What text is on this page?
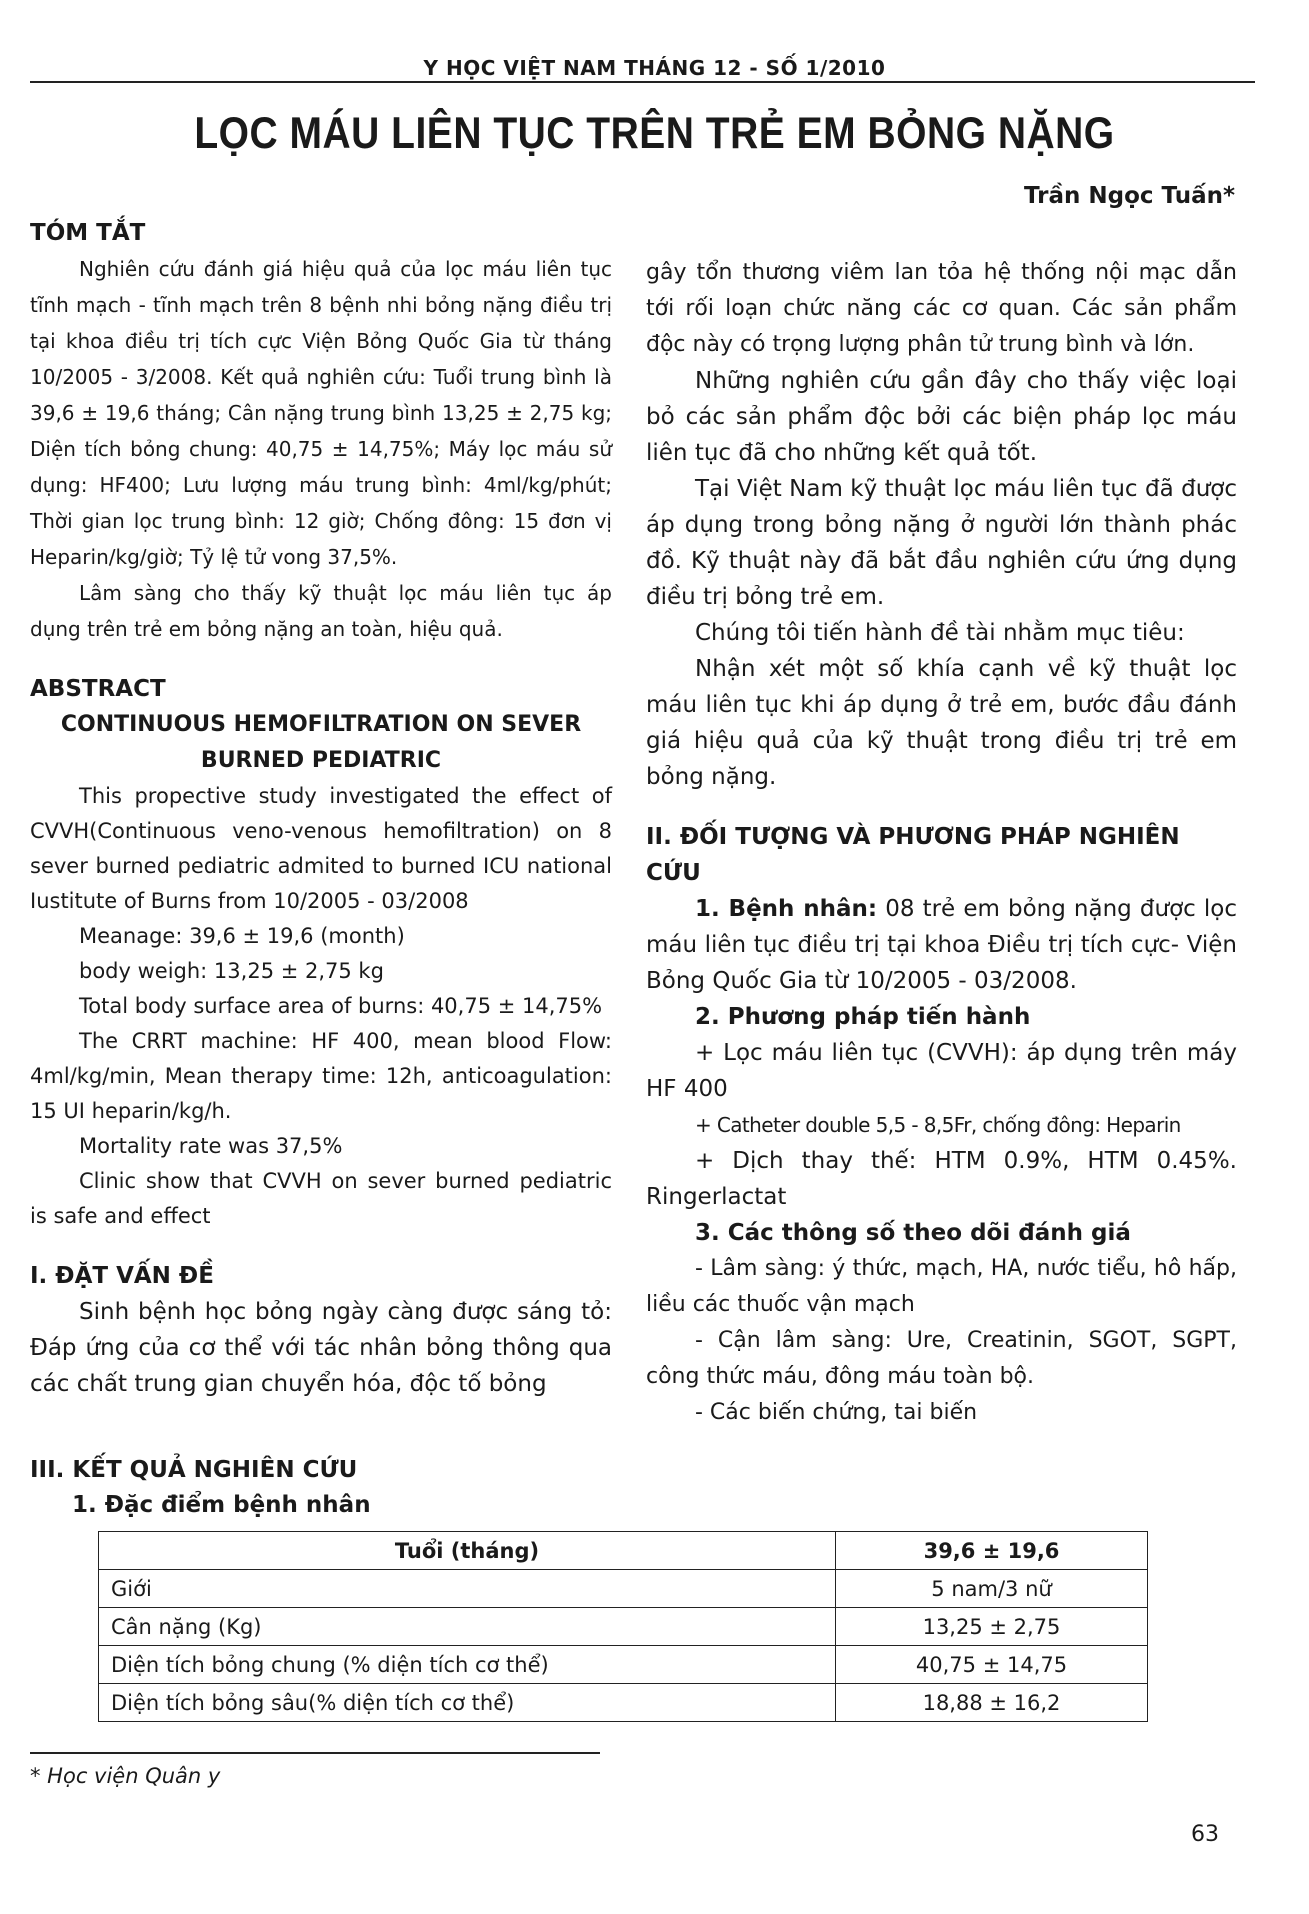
Y HỌC VIỆT NAM THÁNG 12 - SỐ 1/2010
LỌC MÁU LIÊN TỤC TRÊN TRẺ EM BỎNG NẶNG
Trần Ngọc Tuấn*
TÓM TẮT

Nghiên cứu đánh giá hiệu quả của lọc máu liên tục tĩnh mạch - tĩnh mạch trên 8 bệnh nhi bỏng nặng điều trị tại khoa điều trị tích cực Viện Bỏng Quốc Gia từ tháng 10/2005 - 3/2008. Kết quả nghiên cứu: Tuổi trung bình là 39,6 ± 19,6 tháng; Cân nặng trung bình 13,25 ± 2,75 kg; Diện tích bỏng chung: 40,75 ± 14,75%; Máy lọc máu sử dụng: HF400; Lưu lượng máu trung bình: 4ml/kg/phút; Thời gian lọc trung bình: 12 giờ; Chống đông: 15 đơn vị Heparin/kg/giờ; Tỷ lệ tử vong 37,5%.

Lâm sàng cho thấy kỹ thuật lọc máu liên tục áp dụng trên trẻ em bỏng nặng an toàn, hiệu quả.

ABSTRACT
CONTINUOUS HEMOFILTRATION ON SEVER
BURNED PEDIATRIC

This propective study investigated the effect of CVVH(Continuous veno-venous hemofiltration) on 8 sever burned pediatric admited to burned ICU national Iustitute of Burns from 10/2005 - 03/2008

Meanage: 39,6 ± 19,6 (month)

body weigh: 13,25 ± 2,75 kg

Total body surface area of burns: 40,75 ± 14,75%

The CRRT machine: HF 400, mean blood Flow: 4ml/kg/min, Mean therapy time: 12h, anticoagulation: 15 UI heparin/kg/h.

Mortality rate was 37,5%

Clinic show that CVVH on sever burned pediatric is safe and effect

I. ĐẶT VẤN ĐỀ

Sinh bệnh học bỏng ngày càng được sáng tỏ: Đáp ứng của cơ thể với tác nhân bỏng thông qua các chất trung gian chuyển hóa, độc tố bỏng

gây tổn thương viêm lan tỏa hệ thống nội mạc dẫn tới rối loạn chức năng các cơ quan. Các sản phẩm độc này có trọng lượng phân tử trung bình và lớn.

Những nghiên cứu gần đây cho thấy việc loại bỏ các sản phẩm độc bởi các biện pháp lọc máu liên tục đã cho những kết quả tốt.

Tại Việt Nam kỹ thuật lọc máu liên tục đã được áp dụng trong bỏng nặng ở người lớn thành phác đồ. Kỹ thuật này đã bắt đầu nghiên cứu ứng dụng điều trị bỏng trẻ em.

Chúng tôi tiến hành đề tài nhằm mục tiêu:

Nhận xét một số khía cạnh về kỹ thuật lọc máu liên tục khi áp dụng ở trẻ em, bước đầu đánh giá hiệu quả của kỹ thuật trong điều trị trẻ em bỏng nặng.

II. ĐỐI TƯỢNG VÀ PHƯƠNG PHÁP NGHIÊN CỨU

1. Bệnh nhân: 08 trẻ em bỏng nặng được lọc máu liên tục điều trị tại khoa Điều trị tích cực- Viện Bỏng Quốc Gia từ 10/2005 - 03/2008.

2. Phương pháp tiến hành

+ Lọc máu liên tục (CVVH): áp dụng trên máy HF 400

+ Catheter double 5,5 - 8,5Fr, chống đông: Heparin

+ Dịch thay thế: HTM 0.9%, HTM 0.45%. Ringerlactat

3. Các thông số theo dõi đánh giá

- Lâm sàng: ý thức, mạch, HA, nước tiểu, hô hấp, liều các thuốc vận mạch

- Cận lâm sàng: Ure, Creatinin, SGOT, SGPT, công thức máu, đông máu toàn bộ.

- Các biến chứng, tai biến

III. KẾT QUẢ NGHIÊN CỨU
1. Đặc điểm bệnh nhân
Tuổi (tháng)	39,6 ± 19,6
Giới	5 nam/3 nữ
Cân nặng (Kg)	13,25 ± 2,75
Diện tích bỏng chung (% diện tích cơ thể)	40,75 ± 14,75
Diện tích bỏng sâu(% diện tích cơ thể)	18,88 ± 16,2
* Học viện Quân y
63
